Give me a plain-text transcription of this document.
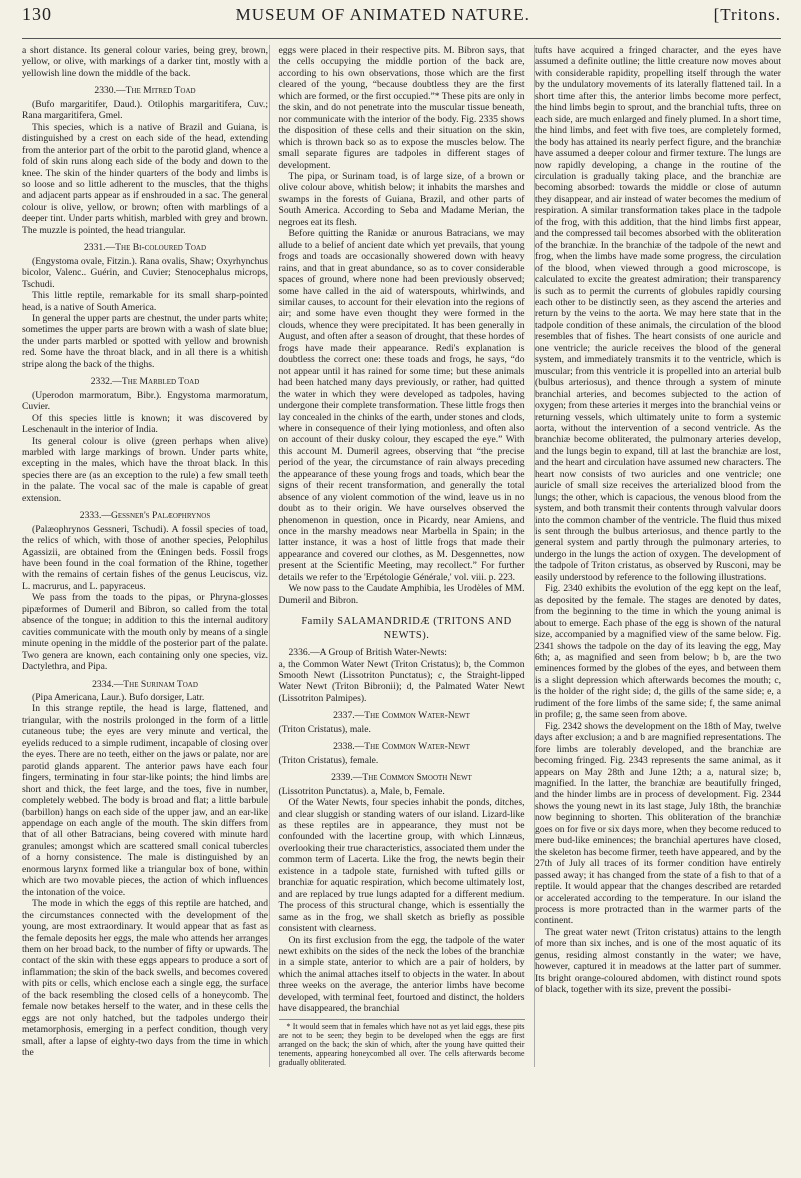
130	MUSEUM OF ANIMATED NATURE.	[Tritons.

a short distance. Its general colour varies, being grey, brown, yellow, or olive, with markings of a darker tint, mostly with a yellowish line down the middle of the back.

2330.—The Mitred Toad

(Bufo margaritifer, Daud.). Otilophis margaritifera, Cuv.; Rana margaritifera, Gmel.

This species, which is a native of Brazil and Guiana, is distinguished by a crest on each side of the head, extending from the anterior part of the orbit to the parotid gland, whence a fold of skin runs along each side of the body and down to the knee. The skin of the hinder quarters of the body and limbs is so loose and so little adherent to the muscles, that the thighs and adjacent parts appear as if enshrouded in a sac. The general colour is olive, yellow, or brown; often with marblings of a deeper tint. Under parts whitish, marbled with grey and brown. The muzzle is pointed, the head triangular.

2331.—The Bi-coloured Toad

(Engystoma ovale, Fitzin.). Rana ovalis, Shaw; Oxyrhynchus bicolor, Valenc.. Guérin, and Cuvier; Stenocephalus microps, Tschudi.

This little reptile, remarkable for its small sharp-pointed head, is a native of South America.

In general the upper parts are chestnut, the under parts white; sometimes the upper parts are brown with a wash of slate blue; the under parts marbled or spotted with yellow and brownish red. Some have the throat black, and in all there is a whitish stripe along the back of the thighs.

2332.—The Marbled Toad

(Uperodon marmoratum, Bibr.). Engystoma marmoratum, Cuvier.

Of this species little is known; it was discovered by Leschenault in the interior of India.

Its general colour is olive (green perhaps when alive) marbled with large markings of brown. Under parts white, excepting in the males, which have the throat black. In this species there are (as an exception to the rule) a few small teeth in the palate. The vocal sac of the male is capable of great extension.

2333.—Gessner's Palæophrynos

(Palæophrynos Gessneri, Tschudi). A fossil species of toad, the relics of which, with those of another species, Pelophilus Agassizii, are obtained from the Œningen beds. Fossil frogs have been found in the coal formation of the Rhine, together with the remains of certain fishes of the genus Leuciscus, viz. L. macrurus, and L. papyraceus.

We pass from the toads to the pipas, or Phryna-glosses pipæformes of Dumeril and Bibron, so called from the total absence of the tongue; in addition to this the internal auditory cavities communicate with the mouth only by means of a single minute opening in the middle of the posterior part of the palate. Two genera are known, each containing only one species, viz. Dactylethra, and Pipa.

2334.—The Surinam Toad

(Pipa Americana, Laur.). Bufo dorsiger, Latr.

In this strange reptile, the head is large, flattened, and triangular, with the nostrils prolonged in the form of a little cutaneous tube; the eyes are very minute and vertical, the eyelids reduced to a simple rudiment, incapable of closing over the eyes. There are no teeth, either on the jaws or palate, nor are parotid glands apparent. The anterior paws have each four fingers, terminating in four star-like points; the hind limbs are short and thick, the feet large, and the toes, five in number, completely webbed. The body is broad and flat; a little barbule (barbillon) hangs on each side of the upper jaw, and an ear-like appendage on each angle of the mouth. The skin differs from that of all other Batracians, being covered with minute hard granules; amongst which are scattered small conical tubercles of a horny consistence. The male is distinguished by an enormous larynx formed like a triangular box of bone, within which are two movable pieces, the action of which influences the intonation of the voice.

The mode in which the eggs of this reptile are hatched, and the circumstances connected with the development of the young, are most extraordinary. It would appear that as fast as the female deposits her eggs, the male who attends her arranges them on her broad back, to the number of fifty or upwards. The contact of the skin with these eggs appears to produce a sort of inflammation; the skin of the back swells, and becomes covered with pits or cells, which enclose each a single egg, the surface of the back resembling the closed cells of a honeycomb. The female now betakes herself to the water, and in these cells the eggs are not only hatched, but the tadpoles undergo their metamorphosis, emerging in a perfect condition, though very small, after a lapse of eighty-two days from the time in which the

eggs were placed in their respective pits. M. Bibron says, that the cells occupying the middle portion of the back are, according to his own observations, those which are the first cleared of the young, “because doubtless they are the first which are formed, or the first occupied.”* These pits are only in the skin, and do not penetrate into the muscular tissue beneath, nor communicate with the interior of the body. Fig. 2335 shows the disposition of these cells and their situation on the skin, which is thrown back so as to expose the muscles below. The small separate figures are tadpoles in different stages of development.

The pipa, or Surinam toad, is of large size, of a brown or olive colour above, whitish below; it inhabits the marshes and swamps in the forests of Guiana, Brazil, and other parts of South America. According to Seba and Madame Merian, the negroes eat its flesh.

Before quitting the Ranidæ or anurous Batracians, we may allude to a belief of ancient date which yet prevails, that young frogs and toads are occasionally showered down with heavy rains, and that in great abundance, so as to cover considerable spaces of ground, where none had been previously observed; some have called in the aid of waterspouts, whirlwinds, and similar causes, to account for their elevation into the regions of air; and some have even thought they were formed in the clouds, whence they were precipitated. It has been generally in August, and often after a season of drought, that these hordes of frogs have made their appearance. Redi's explanation is doubtless the correct one: these toads and frogs, he says, “do not appear until it has rained for some time; but these animals had been hatched many days previously, or rather, had quitted the water in which they were developed as tadpoles, having undergone their complete transformation. These little frogs then lay concealed in the chinks of the earth, under stones and clods, where in consequence of their lying motionless, and often also on account of their dusky colour, they escaped the eye.” With this account M. Dumeril agrees, observing that “the precise period of the year, the circumstance of rain always preceding the appearance of these young frogs and toads, which bear the signs of their recent transformation, and generally the total absence of any violent commotion of the wind, leave us in no doubt as to their origin. We have ourselves observed the phenomenon in question, once in Picardy, near Amiens, and once in the marshy meadows near Marbella in Spain; in the latter instance, it was a host of little frogs that made their appearance and covered our clothes, as M. Desgennettes, now present at the Scientific Meeting, may recollect.” For further details we refer to the 'Erpétologie Générale,' vol. viii. p. 223.

We now pass to the Caudate Amphibia, les Urodèles of MM. Dumeril and Bibron.

Family SALAMANDRIDÆ (TRITONS AND

NEWTS).

2336.—A Group of British Water-Newts:

a, the Common Water Newt (Triton Cristatus); b, the Common Smooth Newt (Lissotriton Punctatus); c, the Straight-lipped Water Newt (Triton Bibronii); d, the Palmated Water Newt (Lissotriton Palmipes).

2337.—The Common Water-Newt

(Triton Cristatus), male.

2338.—The Common Water-Newt

(Triton Cristatus), female.

2339.—The Common Smooth Newt

(Lissotriton Punctatus). a, Male, b, Female.

Of the Water Newts, four species inhabit the ponds, ditches, and clear sluggish or standing waters of our island. Lizard-like as these reptiles are in appearance, they must not be confounded with the lacertine group, with which Linnæus, overlooking their true characteristics, associated them under the common term of Lacerta. Like the frog, the newts begin their existence in a tadpole state, furnished with tufted gills or branchiæ for aquatic respiration, which become ultimately lost, and are replaced by true lungs adapted for a different medium. The process of this structural change, which is essentially the same as in the frog, we shall sketch as briefly as possible consistent with clearness.

On its first exclusion from the egg, the tadpole of the water newt exhibits on the sides of the neck the lobes of the branchiæ in a simple state, anterior to which are a pair of holders, by which the animal attaches itself to objects in the water. In about three weeks on the average, the anterior limbs have become developed, with terminal feet, fourtoed and distinct, the holders have disappeared, the branchial

* It would seem that in females which have not as yet laid eggs, these pits are not to be seen; they begin to be developed when the eggs are first arranged on the back; the skin of which, after the young have quitted their tenements, appearing honeycombed all over. The cells afterwards become gradually obliterated.

tufts have acquired a fringed character, and the eyes have assumed a definite outline; the little creature now moves about with considerable rapidity, propelling itself through the water by the undulatory movements of its laterally flattened tail. In a short time after this, the anterior limbs become more perfect, the hind limbs begin to sprout, and the branchial tufts, three on each side, are much enlarged and finely plumed. In a short time, the hind limbs, and feet with five toes, are completely formed, the body has attained its nearly perfect figure, and the branchiæ have assumed a deeper colour and firmer texture. The lungs are now rapidly developing, a change in the routine of the circulation is gradually taking place, and the branchiæ are becoming absorbed: towards the middle or close of autumn they disappear, and air instead of water becomes the medium of respiration. A similar transformation takes place in the tadpole of the frog, with this addition, that the hind limbs first appear, and the compressed tail becomes absorbed with the obliteration of the branchiæ. In the branchiæ of the tadpole of the newt and frog, when the limbs have made some progress, the circulation of the blood, when viewed through a good microscope, is calculated to excite the greatest admiration; their transparency is such as to permit the currents of globules rapidly coursing each other to be distinctly seen, as they ascend the arteries and return by the veins to the aorta. We may here state that in the tadpole condition of these animals, the circulation of the blood resembles that of fishes. The heart consists of one auricle and one ventricle; the auricle receives the blood of the general system, and immediately transmits it to the ventricle, which is muscular; from this ventricle it is propelled into an arterial bulb (bulbus arteriosus), and thence through a system of minute branchial arteries, and becomes subjected to the action of oxygen; from these arteries it merges into the branchial veins or returning vessels, which ultimately unite to form a systemic aorta, without the intervention of a second ventricle. As the branchiæ become obliterated, the pulmonary arteries develop, and the lungs begin to expand, till at last the branchiæ are lost, and the heart and circulation have assumed new characters. The heart now consists of two auricles and one ventricle; one auricle of small size receives the arterialized blood from the lungs; the other, which is capacious, the venous blood from the system, and both transmit their contents through valvular doors into the common chamber of the ventricle. The fluid thus mixed is sent through the bulbus arteriosus, and thence partly to the general system and partly through the pulmonary arteries, to undergo in the lungs the action of oxygen. The development of the tadpole of Triton cristatus, as observed by Rusconi, may be easily understood by reference to the following illustrations.

Fig. 2340 exhibits the evolution of the egg kept on the leaf, as deposited by the female. The stages are denoted by dates, from the beginning to the time in which the young animal is about to emerge. Each phase of the egg is shown of the natural size, accompanied by a magnified view of the same below. Fig. 2341 shows the tadpole on the day of its leaving the egg, May 6th; a, as magnified and seen from below; b b, are the two eminences formed by the globes of the eyes, and between them is a slight depression which afterwards becomes the mouth; c, is the holder of the right side; d, the gills of the same side; e, a rudiment of the fore limbs of the same side; f, the same animal in profile; g, the same seen from above.

Fig. 2342 shows the development on the 18th of May, twelve days after exclusion; a and b are magnified representations. The fore limbs are tolerably developed, and the branchiæ are becoming fringed. Fig. 2343 represents the same animal, as it appears on May 28th and June 12th; a a, natural size; b, magnified. In the latter, the branchiæ are beautifully fringed, and the hinder limbs are in process of development. Fig. 2344 shows the young newt in its last stage, July 18th, the branchiæ now beginning to shorten. This obliteration of the branchiæ goes on for five or six days more, when they become reduced to mere bud-like eminences; the branchial apertures have closed, the skeleton has become firmer, teeth have appeared, and by the 27th of July all traces of its former condition have entirely passed away; it has changed from the state of a fish to that of a reptile. It would appear that the changes described are retarded or accelerated according to the temperature. In our island the process is more protracted than in the warmer parts of the continent.

The great water newt (Triton cristatus) attains to the length of more than six inches, and is one of the most aquatic of its genus, residing almost constantly in the water; we have, however, captured it in meadows at the latter part of summer. Its bright orange-coloured abdomen, with distinct round spots of black, together with its size, prevent the possibi-
